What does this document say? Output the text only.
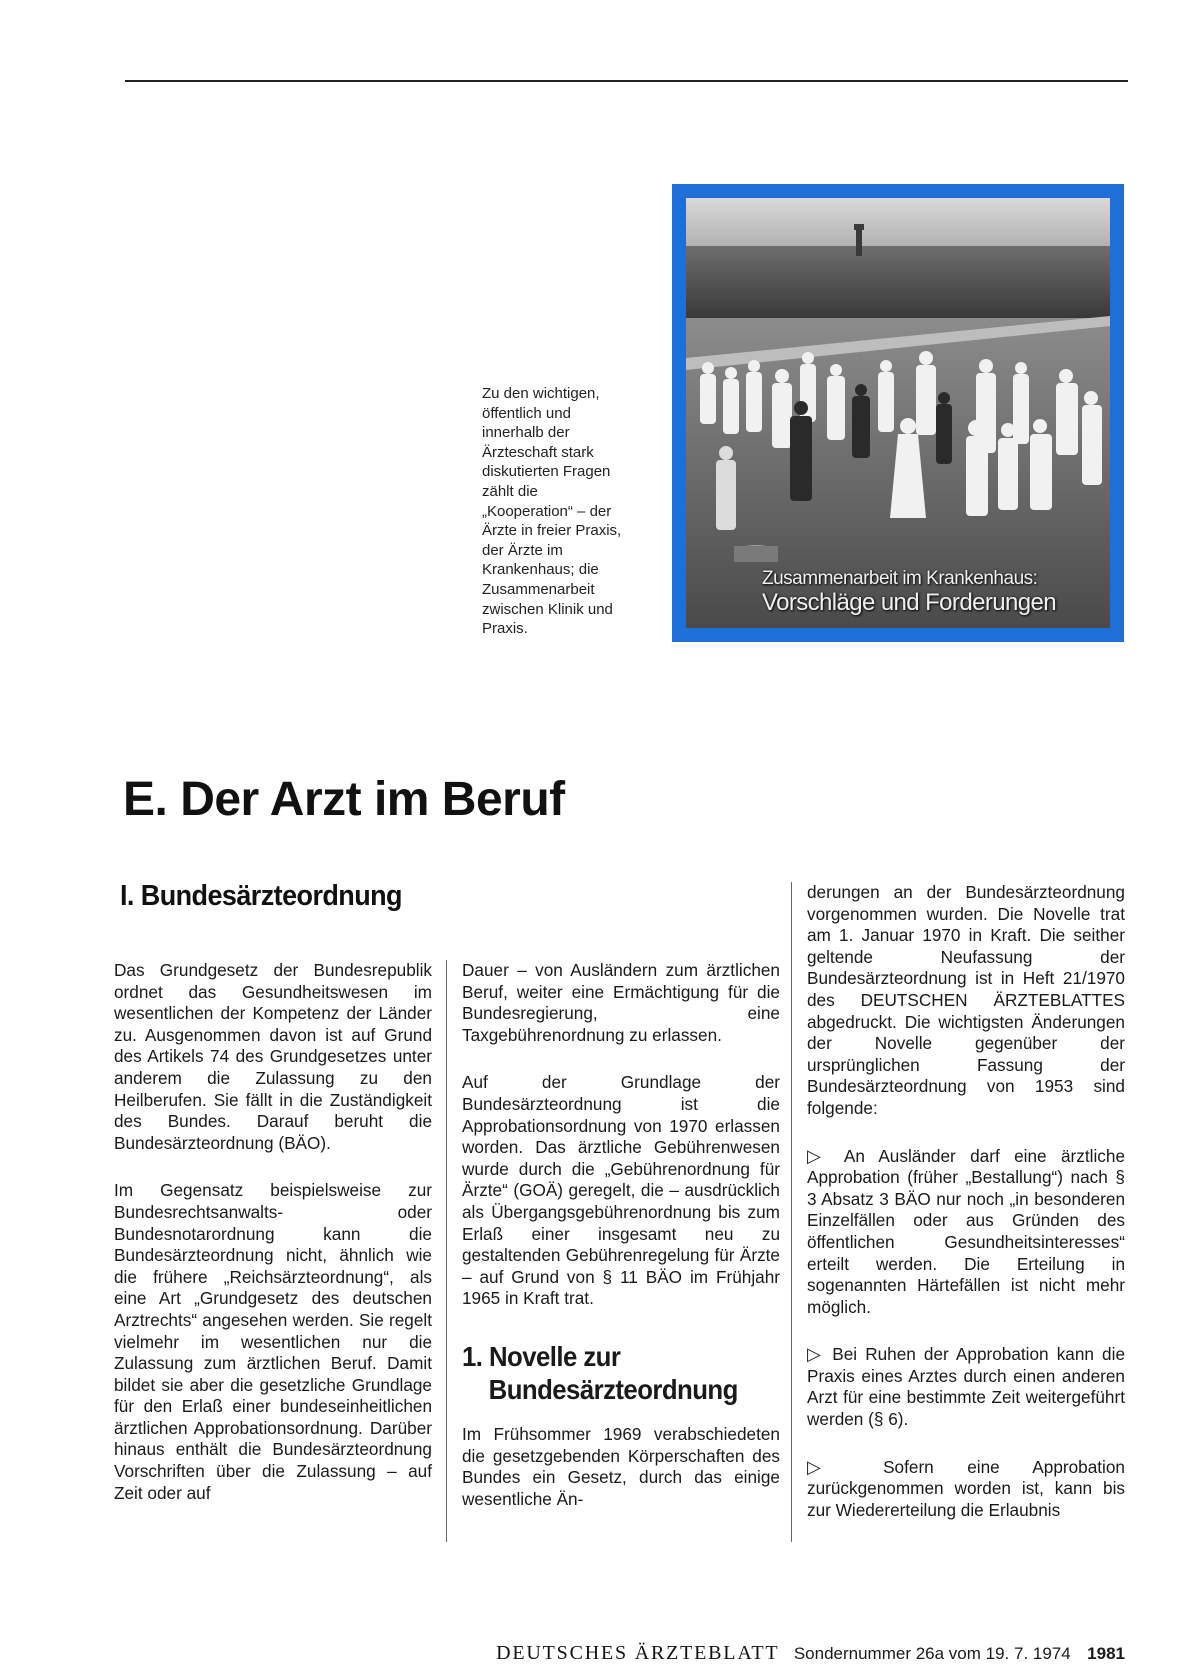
Zu den wichtigen,
öffentlich und
innerhalb der
Ärzteschaft stark
diskutierten Fragen
zählt die
„Kooperation“ – der
Ärzte in freier Praxis,
der Ärzte im
Krankenhaus; die
Zusammenarbeit
zwischen Klinik und
Praxis.

Zusammenarbeit im Krankenhaus:
Vorschläge und Forderungen
E. Der Arzt im Beruf
I. Bundesärzteordnung

Das Grundgesetz der Bundesrepublik ordnet das Gesundheitswesen im wesentlichen der Kompetenz der Länder zu. Ausgenommen davon ist auf Grund des Artikels 74 des Grundgesetzes unter anderem die Zulassung zu den Heilberufen. Sie fällt in die Zuständigkeit des Bundes. Darauf beruht die Bundesärzteordnung (BÄO).

Im Gegensatz beispielsweise zur Bundesrechtsanwalts- oder Bundesnotarordnung kann die Bundesärzteordnung nicht, ähnlich wie die frühere „Reichsärzteordnung“, als eine Art „Grundgesetz des deutschen Arztrechts“ angesehen werden. Sie regelt vielmehr im wesentlichen nur die Zulassung zum ärztlichen Beruf. Damit bildet sie aber die gesetzliche Grundlage für den Erlaß einer bundeseinheitlichen ärztlichen Approbationsordnung. Darüber hinaus enthält die Bundesärzteordnung Vorschriften über die Zulassung – auf Zeit oder auf

Dauer – von Ausländern zum ärztlichen Beruf, weiter eine Ermächtigung für die Bundesregierung, eine Taxgebührenordnung zu erlassen.

Auf der Grundlage der Bundesärzteordnung ist die Approbationsordnung von 1970 erlassen worden. Das ärztliche Gebührenwesen wurde durch die „Gebührenordnung für Ärzte“ (GOÄ) geregelt, die – ausdrücklich als Übergangsgebührenordnung bis zum Erlaß einer insgesamt neu zu gestaltenden Gebührenregelung für Ärzte – auf Grund von § 11 BÄO im Frühjahr 1965 in Kraft trat.

1. Novelle zur
Bundesärzteordnung

Im Frühsommer 1969 verabschiedeten die gesetzgebenden Körperschaften des Bundes ein Gesetz, durch das einige wesentliche Än-

derungen an der Bundesärzteordnung vorgenommen wurden. Die Novelle trat am 1. Januar 1970 in Kraft. Die seither geltende Neufassung der Bundesärzteordnung ist in Heft 21/1970 des DEUTSCHEN ÄRZTEBLATTES abgedruckt. Die wichtigsten Änderungen der Novelle gegenüber der ursprünglichen Fassung der Bundesärzteordnung von 1953 sind folgende:

▷ An Ausländer darf eine ärztliche Approbation (früher „Bestallung“) nach § 3 Absatz 3 BÄO nur noch „in besonderen Einzelfällen oder aus Gründen des öffentlichen Gesundheitsinteresses“ erteilt werden. Die Erteilung in sogenannten Härtefällen ist nicht mehr möglich.

▷ Bei Ruhen der Approbation kann die Praxis eines Arztes durch einen anderen Arzt für eine bestimmte Zeit weitergeführt werden (§ 6).

▷ Sofern eine Approbation zurückgenommen worden ist, kann bis zur Wiedererteilung die Erlaubnis

DEUTSCHES ÄRZTEBLATT Sondernummer 26a vom 19. 7. 1974 1981
